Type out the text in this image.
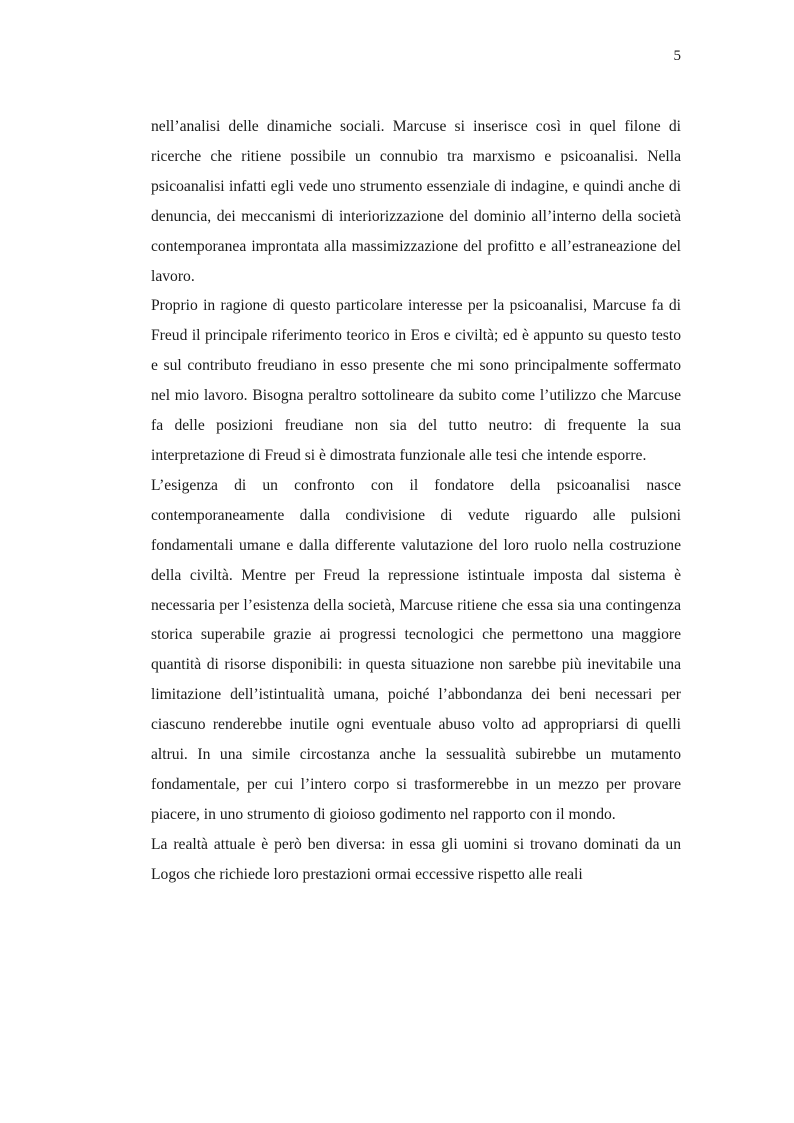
5

nell’analisi delle dinamiche sociali. Marcuse si inserisce così in quel filone di ricerche che ritiene possibile un connubio tra marxismo e psicoanalisi. Nella psicoanalisi infatti egli vede uno strumento essenziale di indagine, e quindi anche di denuncia, dei meccanismi di interiorizzazione del dominio all’interno della società contemporanea improntata alla massimizzazione del profitto e all’estraneazione del lavoro.

Proprio in ragione di questo particolare interesse per la psicoanalisi, Marcuse fa di Freud il principale riferimento teorico in Eros e civiltà; ed è appunto su questo testo e sul contributo freudiano in esso presente che mi sono principalmente soffermato nel mio lavoro. Bisogna peraltro sottolineare da subito come l’utilizzo che Marcuse fa delle posizioni freudiane non sia del tutto neutro: di frequente la sua interpretazione di Freud si è dimostrata funzionale alle tesi che intende esporre.

L’esigenza di un confronto con il fondatore della psicoanalisi nasce contemporaneamente dalla condivisione di vedute riguardo alle pulsioni fondamentali umane e dalla differente valutazione del loro ruolo nella costruzione della civiltà. Mentre per Freud la repressione istintuale imposta dal sistema è necessaria per l’esistenza della società, Marcuse ritiene che essa sia una contingenza storica superabile grazie ai progressi tecnologici che permettono una maggiore quantità di risorse disponibili: in questa situazione non sarebbe più inevitabile una limitazione dell’istintualità umana, poiché l’abbondanza dei beni necessari per ciascuno renderebbe inutile ogni eventuale abuso volto ad appropriarsi di quelli altrui. In una simile circostanza anche la sessualità subirebbe un mutamento fondamentale, per cui l’intero corpo si trasformerebbe in un mezzo per provare piacere, in uno strumento di gioioso godimento nel rapporto con il mondo.

La realtà attuale è però ben diversa: in essa gli uomini si trovano dominati da un Logos che richiede loro prestazioni ormai eccessive rispetto alle reali
